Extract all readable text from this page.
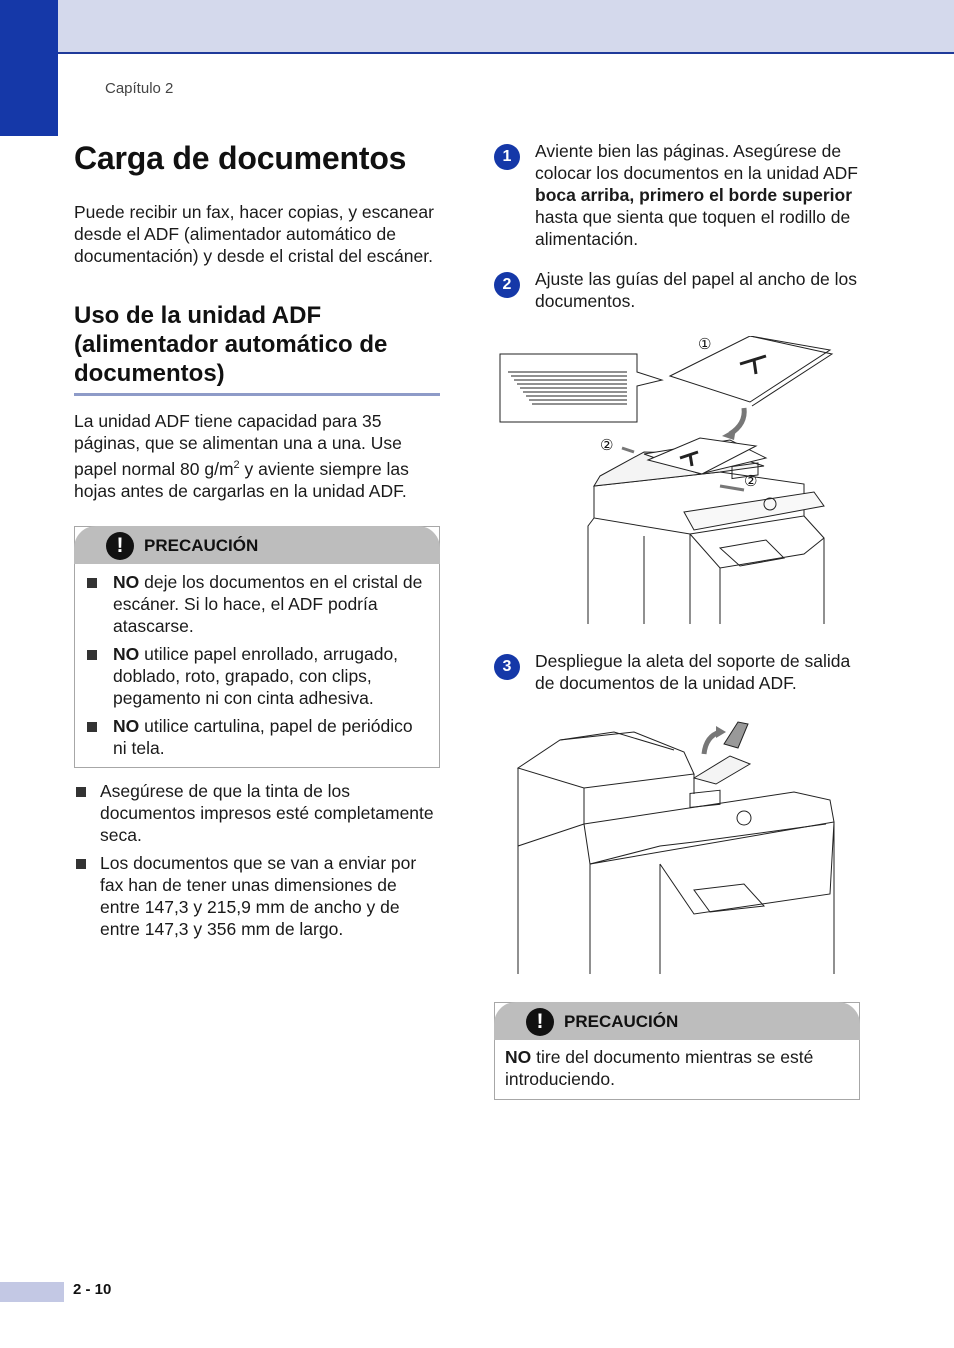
Capítulo 2
Carga de documentos

Puede recibir un fax, hacer copias, y escanear desde el ADF (alimentador automático de documentación) y desde el cristal del escáner.

Uso de la unidad ADF (alimentador automático de documentos)

La unidad ADF tiene capacidad para 35 páginas, que se alimentan una a una. Use papel normal 80 $g/m^2$ y aviente siempre las hojas antes de cargarlas en la unidad ADF.

!	PRECAUCIÓN
NO deje los documentos en el cristal de escáner. Si lo hace, el ADF podría atascarse.
NO utilice papel enrollado, arrugado, doblado, roto, grapado, con clips, pegamento ni con cinta adhesiva.
NO utilice cartulina, papel de periódico ni tela.
Asegúrese de que la tinta de los documentos impresos esté completamente seca.
Los documentos que se van a enviar por fax han de tener unas dimensiones de entre 147,3 y 215,9 mm de ancho y de entre 147,3 y 356 mm de largo.
1	Aviente bien las páginas. Asegúrese de colocar los documentos en la unidad ADF boca arriba, primero el borde superior hasta que sienta que toquen el rodillo de alimentación.

2	Ajuste las guías del papel al ancho de los documentos.

①
②
②
3	Despliegue la aleta del soporte de salida de documentos de la unidad ADF.

!	PRECAUCIÓN

NO tire del documento mientras se esté introduciendo.

2 - 10
